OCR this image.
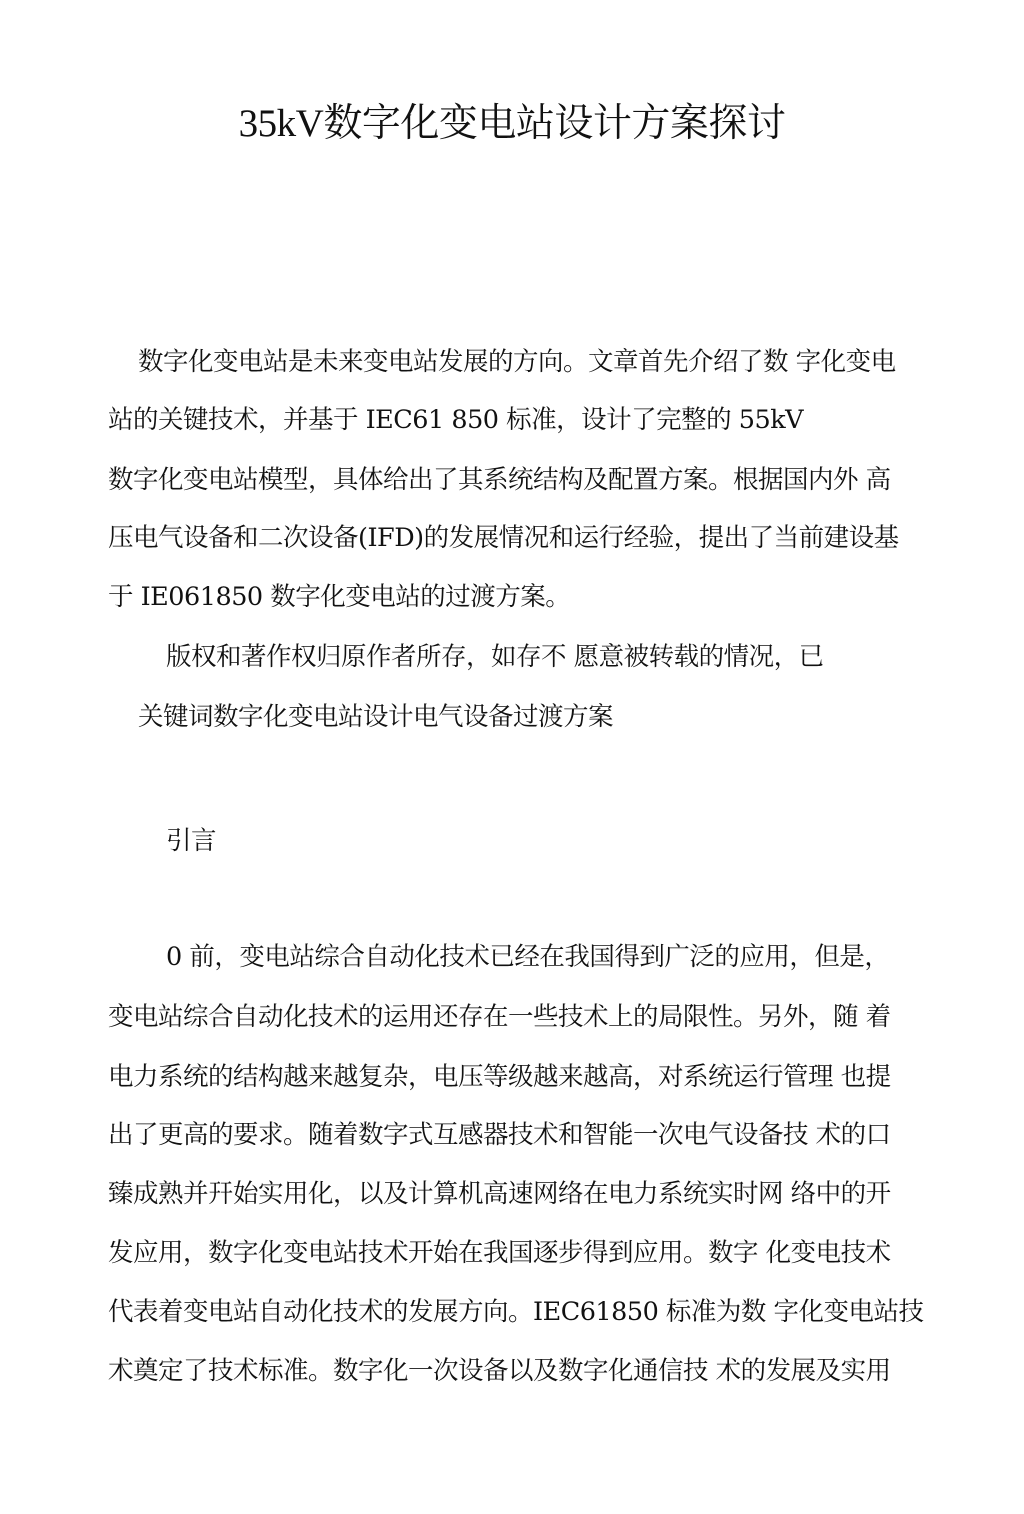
35kV数字化变电站设计方案探讨
数字化变电站是未来变电站发展的方向。文章首先介绍了数 字化变电
站的关键技术，并基于 IEC61 850 标准，设计了完整的 55kV
数字化变电站模型，具体给出了其系统结构及配置方案。根据国内外 高
压电气设备和二次设备(IFD)的发展情况和运行经验，提出了当前建设基
于 IE061850 数字化变电站的过渡方案。
版权和著作权归原作者所存，如存不 愿意被转载的情况，已
关键词数字化变电站设计电气设备过渡方案
引言
0 前，变电站综合自动化技术已经在我国得到广泛的应用，但是，
变电站综合自动化技术的运用还存在一些技术上的局限性。另外，随 着
电力系统的结构越来越复杂，电压等级越来越高，对系统运行管理 也提
出了更高的要求。随着数字式互感器技术和智能一次电气设备技 术的口
臻成熟并幵始实用化，以及计算机高速网络在电力系统实时网 络中的开
发应用，数字化变电站技术开始在我国逐步得到应用。数字 化变电技术
代表着变电站自动化技术的发展方向。IEC61850 标准为数 字化变电站技
术奠定了技术标准。数字化一次设备以及数字化通信技 术的发展及实用
